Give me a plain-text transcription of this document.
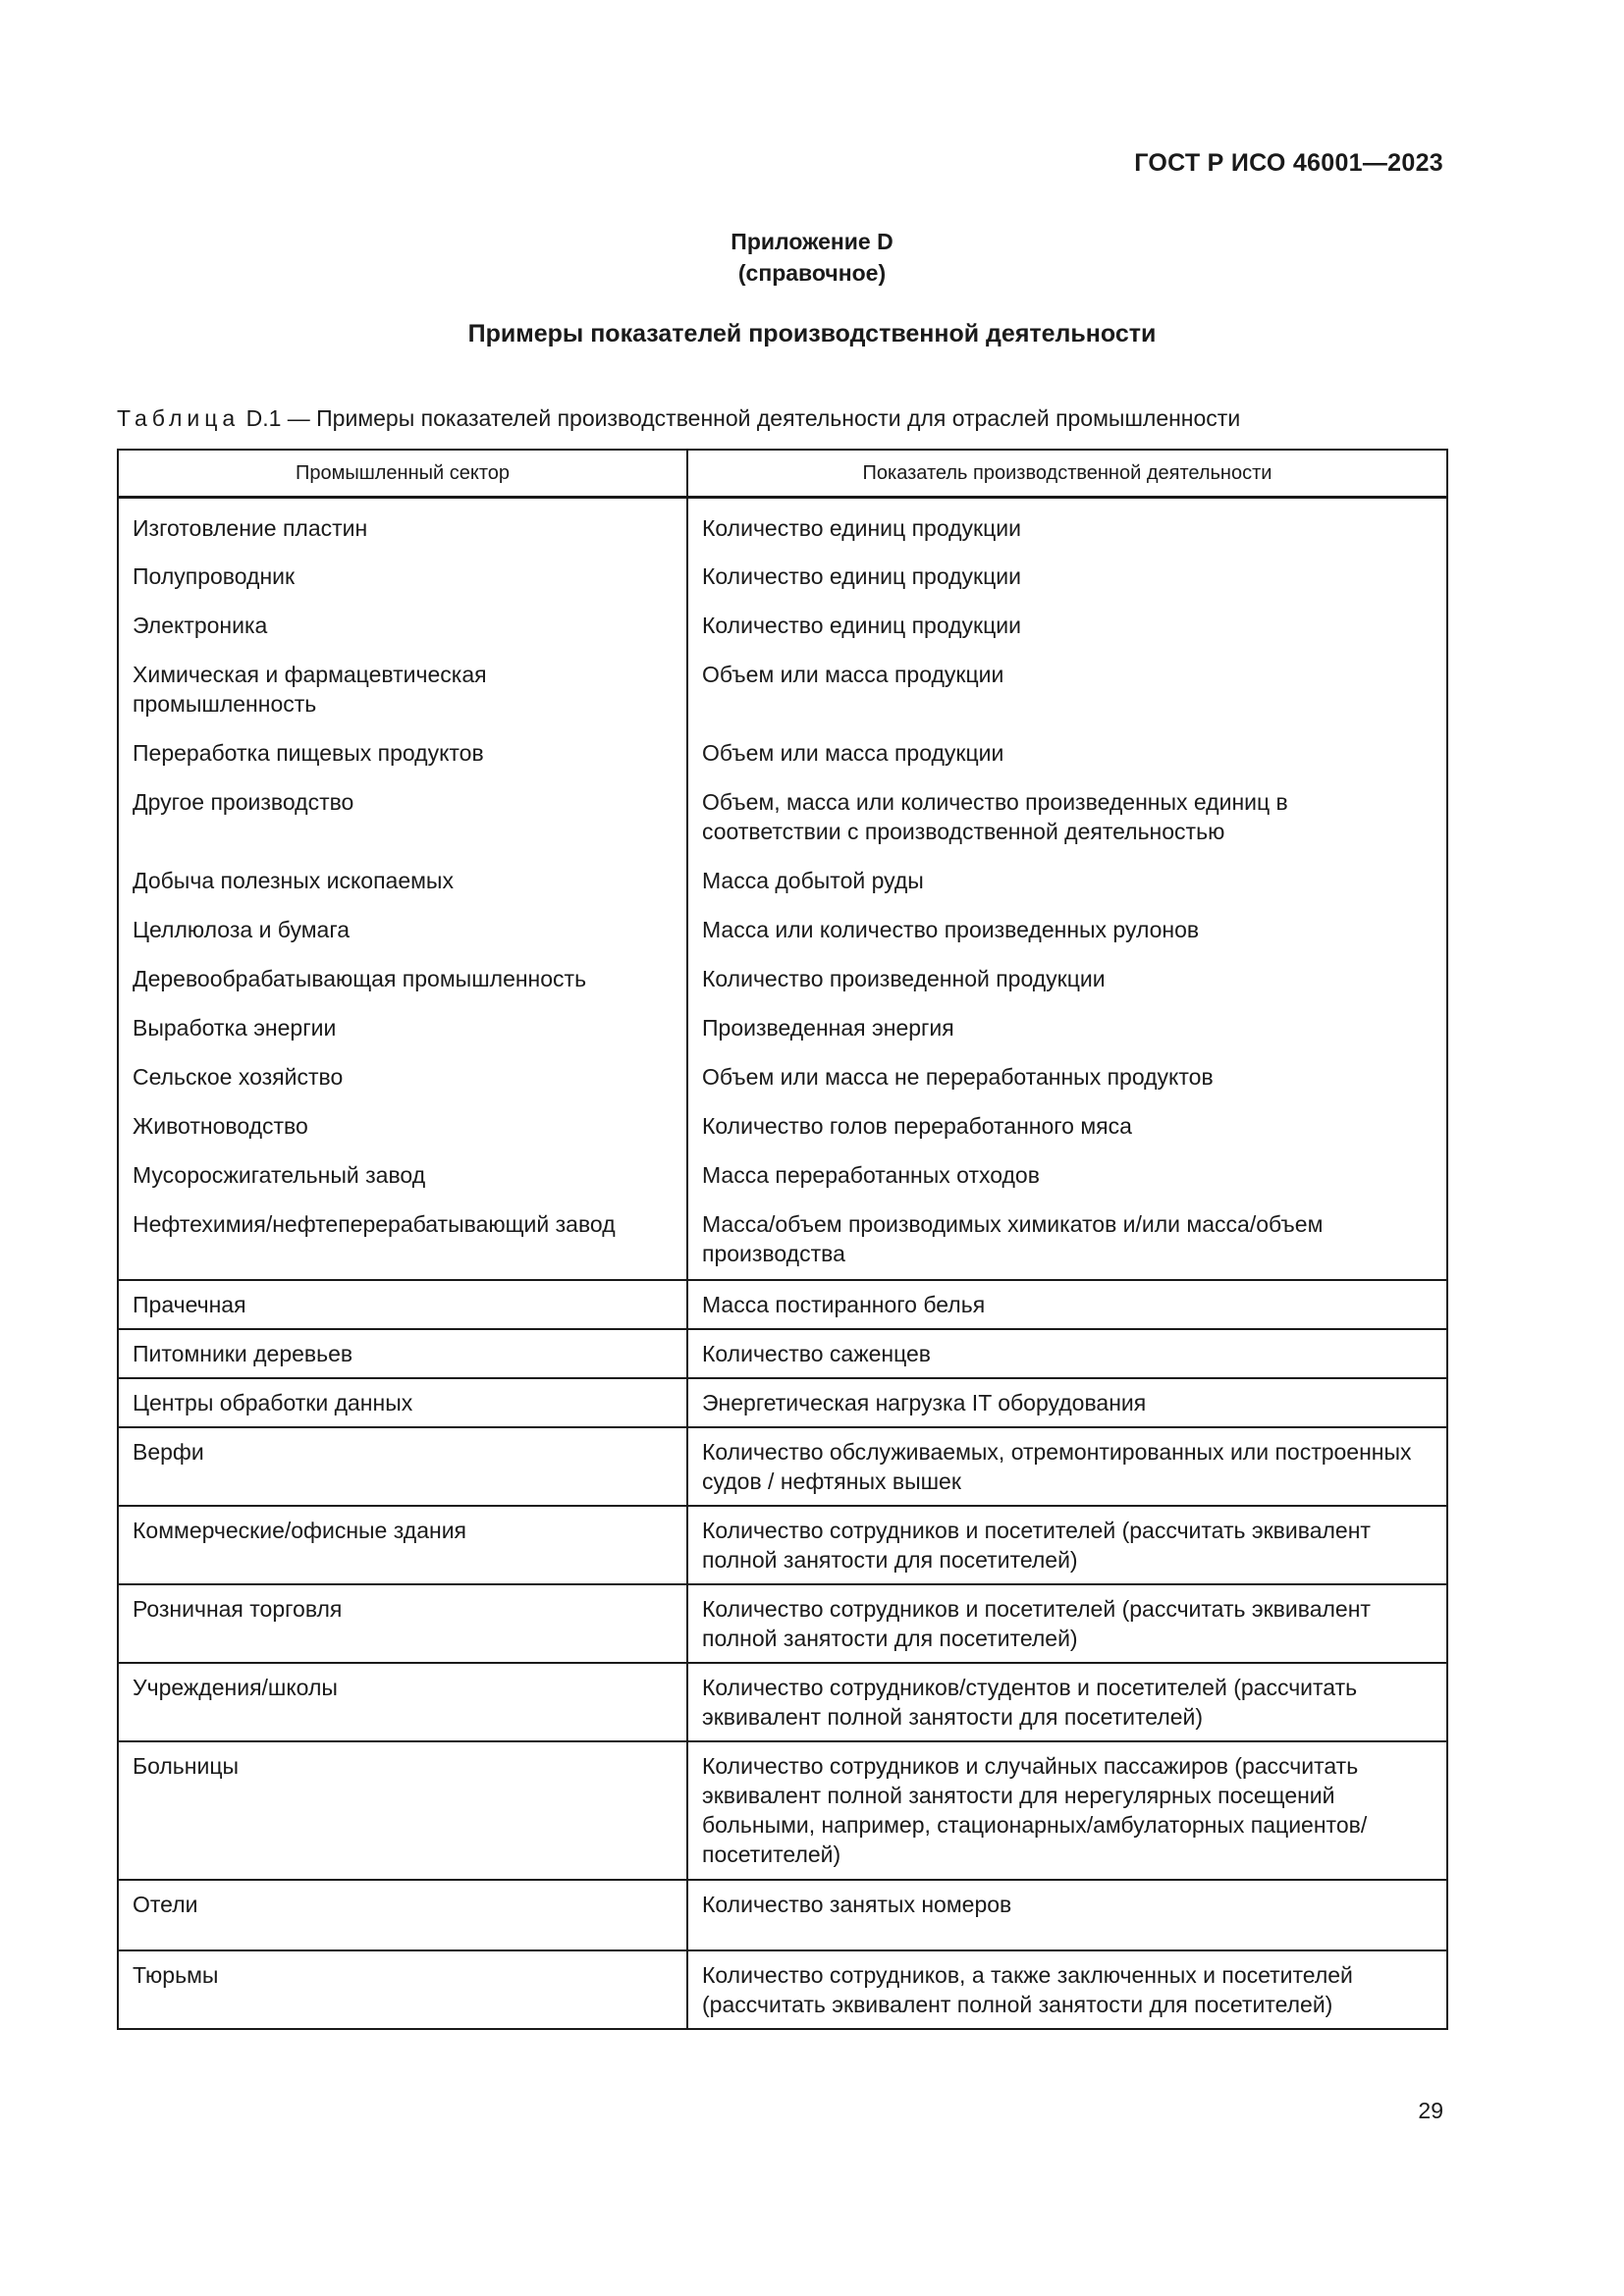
ГОСТ Р ИСО 46001—2023
Приложение D
(справочное)
Примеры показателей производственной деятельности
Таблица D.1 — Примеры показателей производственной деятельности для отраслей промышленности
Промышленный сектор	Показатель производственной деятельности
Изготовление пластин	Количество единиц продукции
Полупроводник	Количество единиц продукции
Электроника	Количество единиц продукции
Химическая и фармацевтическая промышленность	Объем или масса продукции
Переработка пищевых продуктов	Объем или масса продукции
Другое производство	Объем, масса или количество произведенных единиц в соответствии с производственной деятельностью
Добыча полезных ископаемых	Масса добытой руды
Целлюлоза и бумага	Масса или количество произведенных рулонов
Деревообрабатывающая промышленность	Количество произведенной продукции
Выработка энергии	Произведенная энергия
Сельское хозяйство	Объем или масса не переработанных продуктов
Животноводство	Количество голов переработанного мяса
Мусоросжигательный завод	Масса переработанных отходов
Нефтехимия/нефтеперерабатывающий завод	Масса/объем производимых химикатов и/или масса/объем производства
Прачечная	Масса постиранного белья
Питомники деревьев	Количество саженцев
Центры обработки данных	Энергетическая нагрузка IT оборудования
Верфи	Количество обслуживаемых, отремонтированных или построенных судов / нефтяных вышек
Коммерческие/офисные здания	Количество сотрудников и посетителей (рассчитать эквивалент полной занятости для посетителей)
Розничная торговля	Количество сотрудников и посетителей (рассчитать эквивалент полной занятости для посетителей)
Учреждения/школы	Количество сотрудников/студентов и посетителей (рассчитать эквивалент полной занятости для посетителей)
Больницы	Количество сотрудников и случайных пассажиров (рассчитать эквивалент полной занятости для нерегулярных посещений больными, например, стационарных/амбулаторных пациентов/посетителей)
Отели	Количество занятых номеров
Тюрьмы	Количество сотрудников, а также заключенных и посетителей (рассчитать эквивалент полной занятости для посетителей)
29
